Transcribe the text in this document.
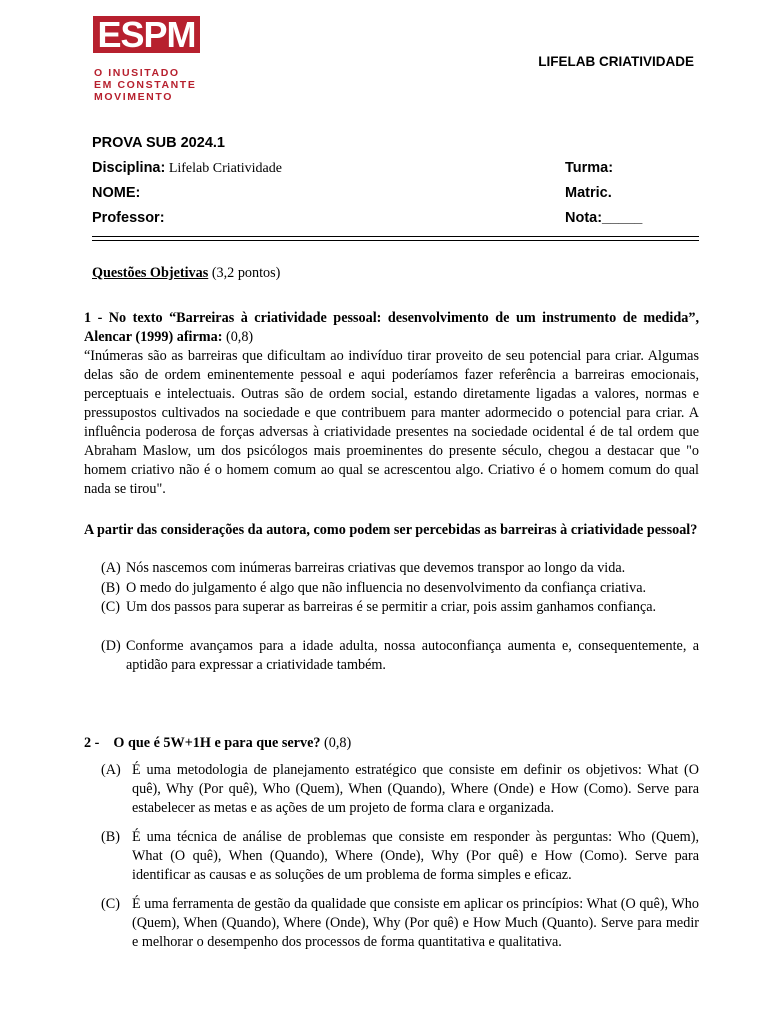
ESPM
O INUSITADO
EM CONSTANTE
MOVIMENTO
LIFELAB CRIATIVIDADE
PROVA SUB 2024.1
Disciplina: Lifelab Criatividade	Turma:
NOME:	Matric.
Professor:	Nota:_____
Questões Objetivas (3,2 pontos)
1 - No texto “Barreiras à criatividade pessoal: desenvolvimento de um instrumento de medida”, Alencar (1999) afirma: (0,8)
“Inúmeras são as barreiras que dificultam ao indivíduo tirar proveito de seu potencial para criar. Algumas delas são de ordem eminentemente pessoal e aqui poderíamos fazer referência a barreiras emocionais, perceptuais e intelectuais. Outras são de ordem social, estando diretamente ligadas a valores, normas e pressupostos cultivados na sociedade e que contribuem para manter adormecido o potencial para criar. A influência poderosa de forças adversas à criatividade presentes na sociedade ocidental é de tal ordem que Abraham Maslow, um dos psicólogos mais proeminentes do presente século, chegou a destacar que "o homem criativo não é o homem comum ao qual se acrescentou algo. Criativo é o homem comum do qual nada se tirou".
A partir das considerações da autora, como podem ser percebidas as barreiras à criatividade pessoal?
(A) Nós nascemos com inúmeras barreiras criativas que devemos transpor ao longo da vida.
(B) O medo do julgamento é algo que não influencia no desenvolvimento da confiança criativa.
(C) Um dos passos para superar as barreiras é se permitir a criar, pois assim ganhamos confiança.
(D) Conforme avançamos para a idade adulta, nossa autoconfiança aumenta e, consequentemente, a aptidão para expressar a criatividade também.
2 - O que é 5W+1H e para que serve? (0,8)
(A) É uma metodologia de planejamento estratégico que consiste em definir os objetivos: What (O quê), Why (Por quê), Who (Quem), When (Quando), Where (Onde) e How (Como). Serve para estabelecer as metas e as ações de um projeto de forma clara e organizada.
(B) É uma técnica de análise de problemas que consiste em responder às perguntas: Who (Quem), What (O quê), When (Quando), Where (Onde), Why (Por quê) e How (Como). Serve para identificar as causas e as soluções de um problema de forma simples e eficaz.
(C) É uma ferramenta de gestão da qualidade que consiste em aplicar os princípios: What (O quê), Who (Quem), When (Quando), Where (Onde), Why (Por quê) e How Much (Quanto). Serve para medir e melhorar o desempenho dos processos de forma quantitativa e qualitativa.
